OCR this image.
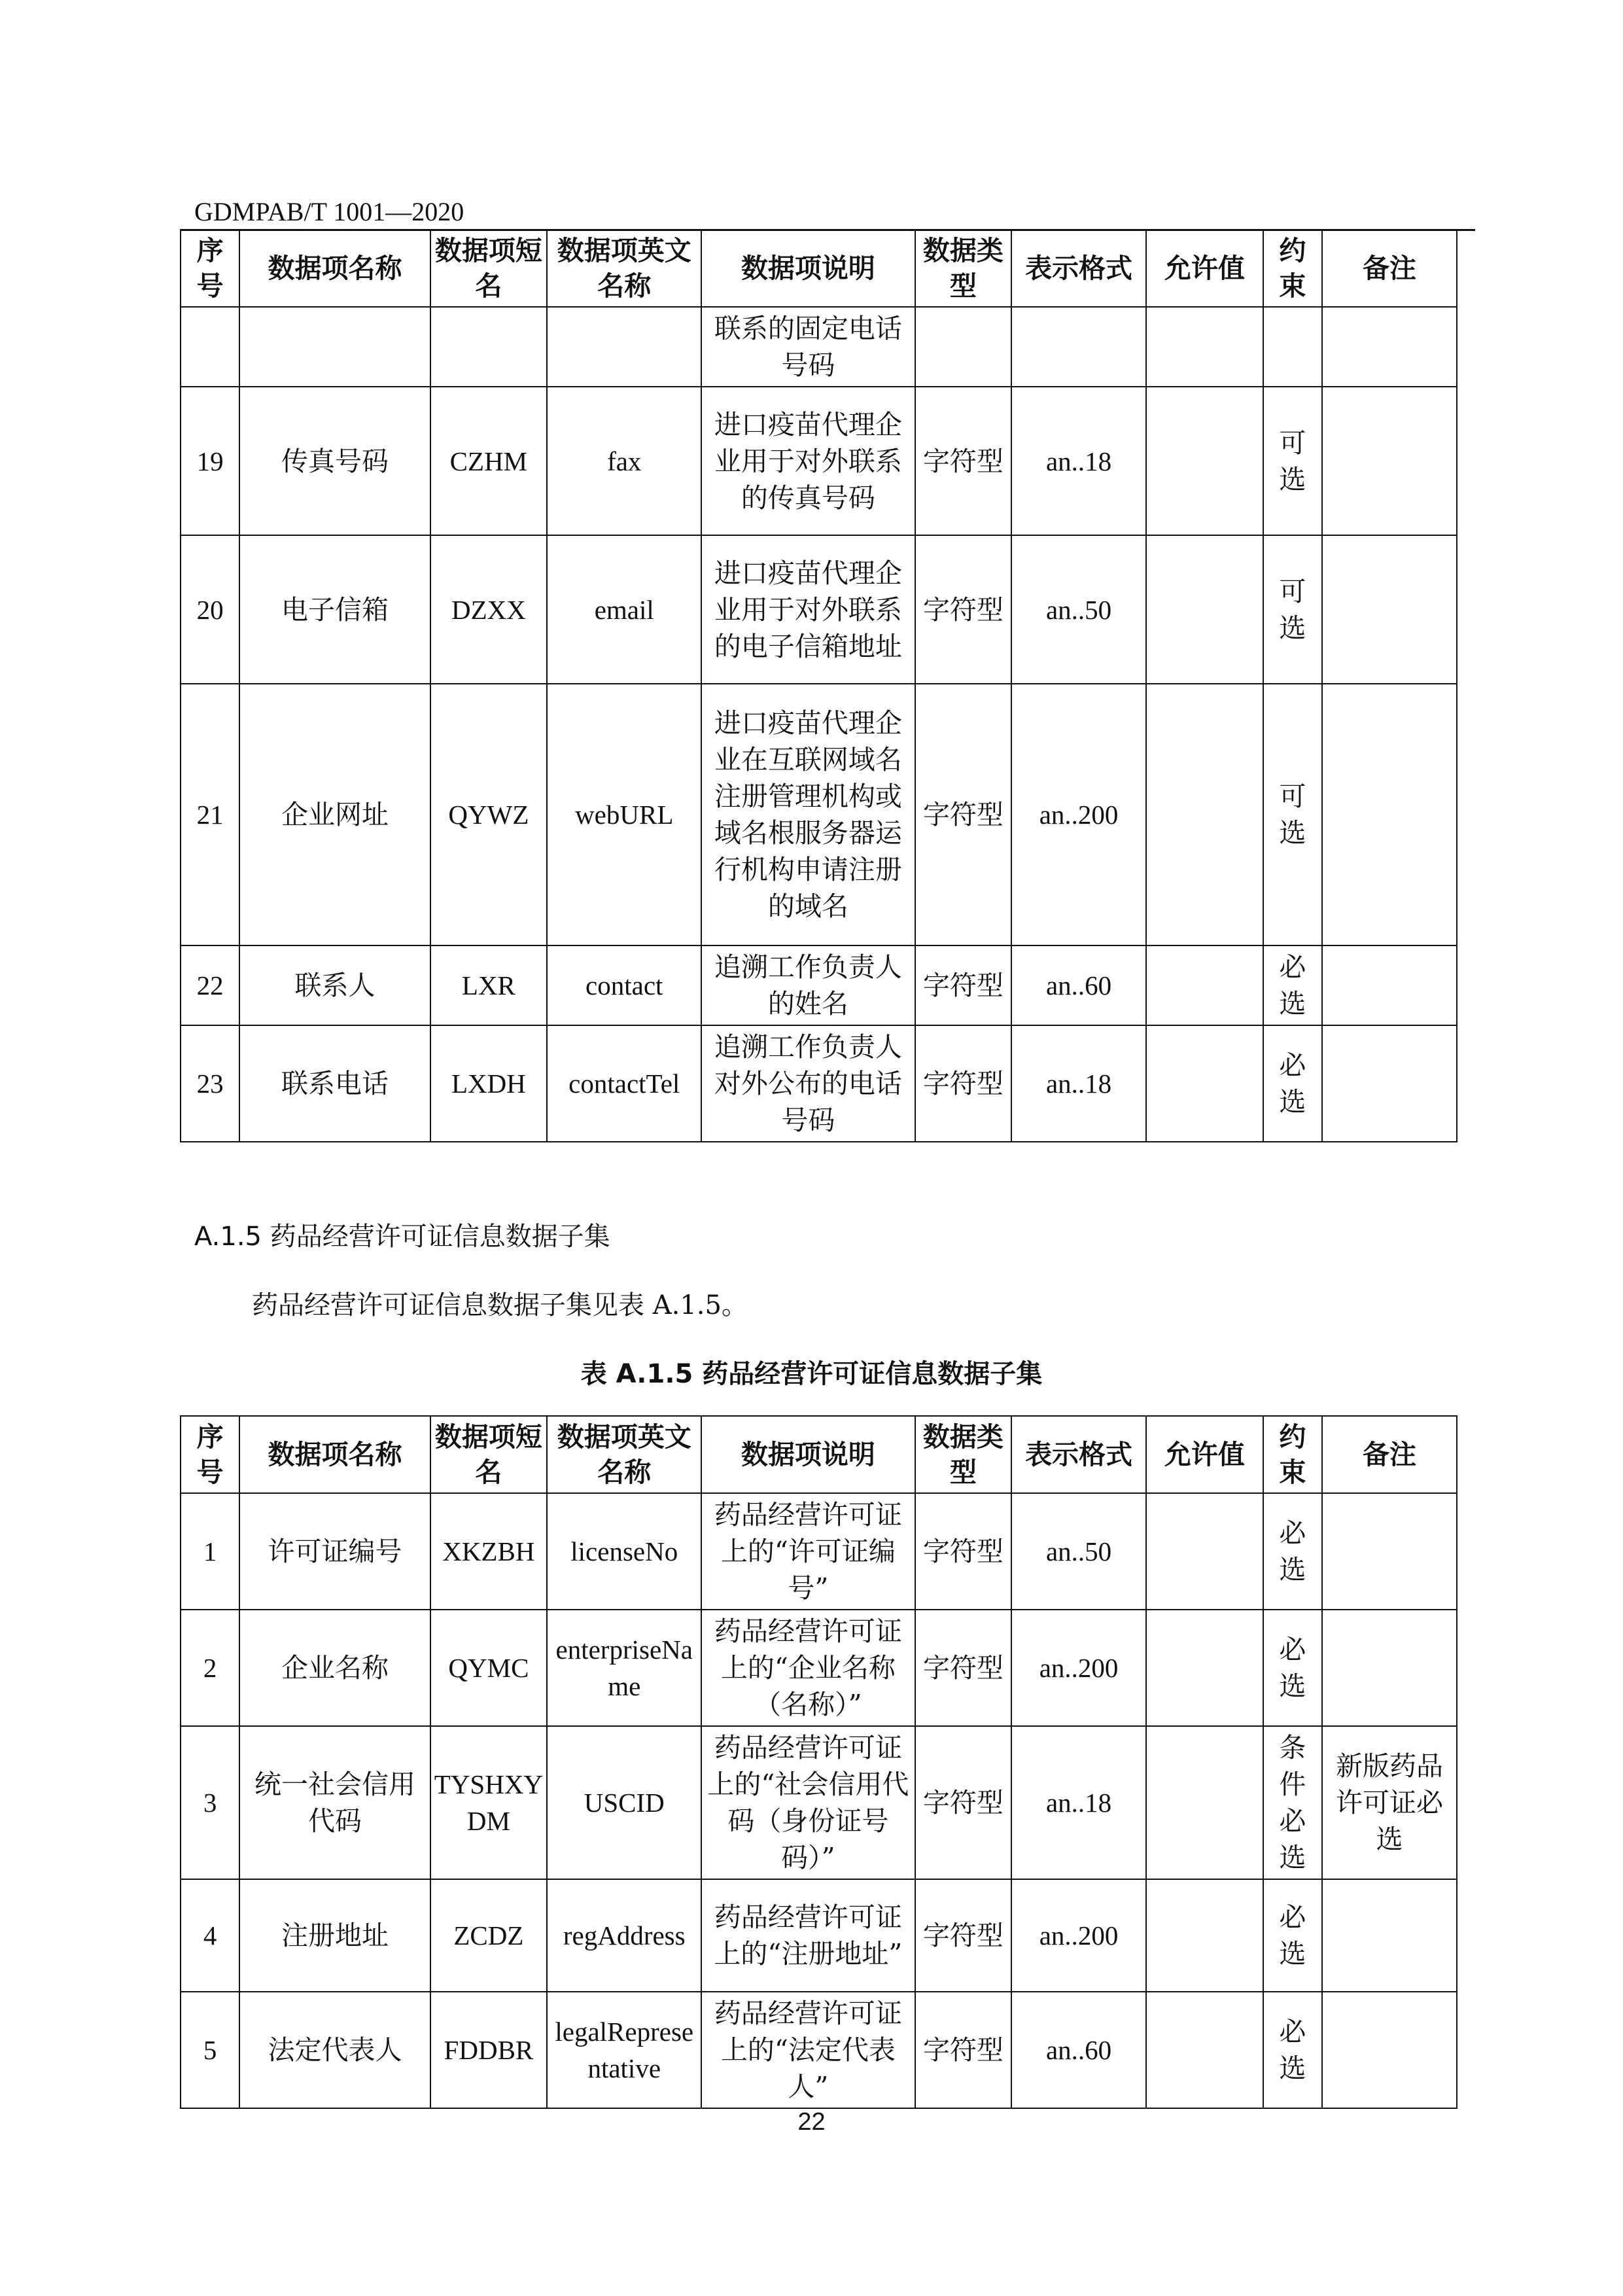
GDMPAB/T 1001—2020
序号	数据项名称	数据项短名	数据项英文名称	数据项说明	数据类型	表示格式	允许值	约束	备注
				联系的固定电话号码					
19	传真号码	CZHM	fax	进口疫苗代理企业用于对外联系的传真号码	字符型	an..18		可选	
20	电子信箱	DZXX	email	进口疫苗代理企业用于对外联系的电子信箱地址	字符型	an..50		可选	
21	企业网址	QYWZ	webURL	进口疫苗代理企业在互联网域名注册管理机构或域名根服务器运行机构申请注册的域名	字符型	an..200		可选	
22	联系人	LXR	contact	追溯工作负责人的姓名	字符型	an..60		必选	
23	联系电话	LXDH	contactTel	追溯工作负责人对外公布的电话号码	字符型	an..18		必选	
A.1.5 药品经营许可证信息数据子集
药品经营许可证信息数据子集见表 A.1.5。
表 A.1.5 药品经营许可证信息数据子集
序号	数据项名称	数据项短名	数据项英文名称	数据项说明	数据类型	表示格式	允许值	约束	备注
1	许可证编号	XKZBH	licenseNo	药品经营许可证上的“许可证编号”	字符型	an..50		必选	
2	企业名称	QYMC	enterpriseName	药品经营许可证上的“企业名称（名称）”	字符型	an..200		必选	
3	统一社会信用代码	TYSHXYDM	USCID	药品经营许可证上的“社会信用代码（身份证号码）”	字符型	an..18		条件必选	新版药品许可证必选
4	注册地址	ZCDZ	regAddress	药品经营许可证上的“注册地址”	字符型	an..200		必选	
5	法定代表人	FDDBR	legalRepresentative	药品经营许可证上的“法定代表人”	字符型	an..60		必选	
22
